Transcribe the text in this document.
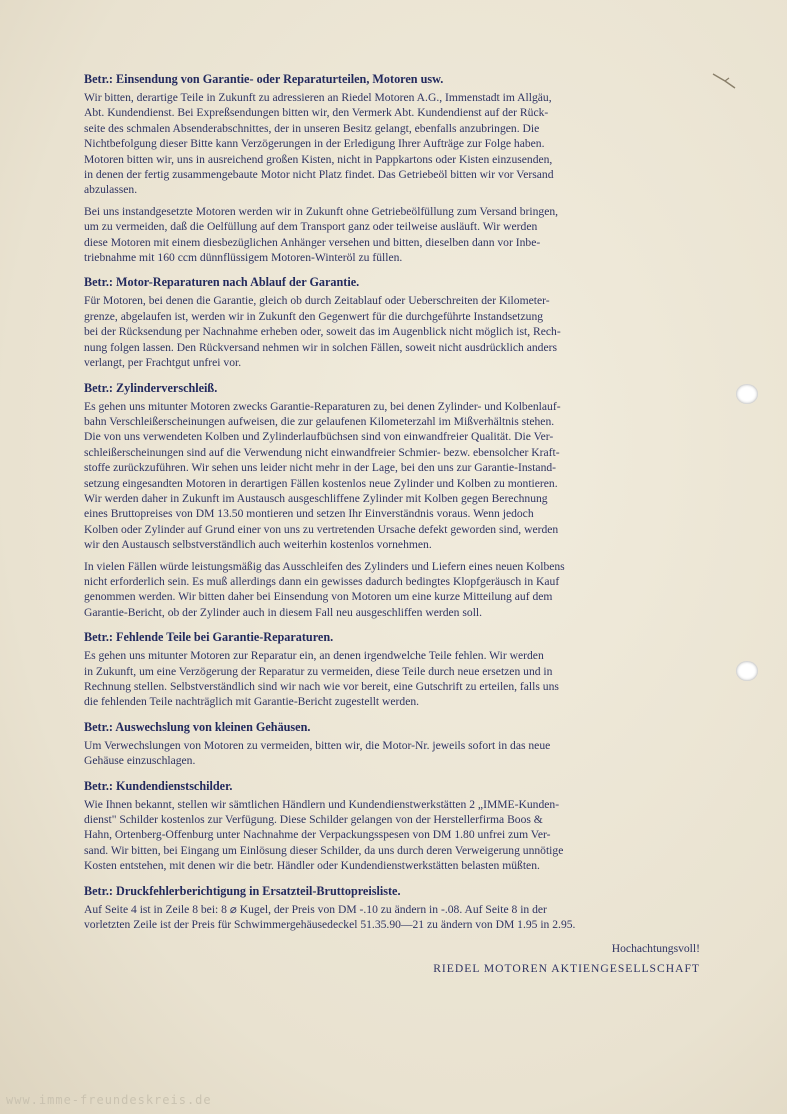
Betr.: Einsendung von Garantie- oder Reparaturteilen, Motoren usw.
Wir bitten, derartige Teile in Zukunft zu adressieren an Riedel Motoren A.G., Immenstadt im Allgäu,
Abt. Kundendienst. Bei Expreßsendungen bitten wir, den Vermerk Abt. Kundendienst auf der Rück-
seite des schmalen Absenderabschnittes, der in unseren Besitz gelangt, ebenfalls anzubringen. Die
Nichtbefolgung dieser Bitte kann Verzögerungen in der Erledigung Ihrer Aufträge zur Folge haben.
Motoren bitten wir, uns in ausreichend großen Kisten, nicht in Pappkartons oder Kisten einzusenden,
in denen der fertig zusammengebaute Motor nicht Platz findet. Das Getriebeöl bitten wir vor Versand
abzulassen.
Bei uns instandgesetzte Motoren werden wir in Zukunft ohne Getriebeölfüllung zum Versand bringen,
um zu vermeiden, daß die Oelfüllung auf dem Transport ganz oder teilweise ausläuft. Wir werden
diese Motoren mit einem diesbezüglichen Anhänger versehen und bitten, dieselben dann vor Inbe-
triebnahme mit 160 ccm dünnflüssigem Motoren-Winteröl zu füllen.
Betr.: Motor-Reparaturen nach Ablauf der Garantie.
Für Motoren, bei denen die Garantie, gleich ob durch Zeitablauf oder Ueberschreiten der Kilometer-
grenze, abgelaufen ist, werden wir in Zukunft den Gegenwert für die durchgeführte Instandsetzung
bei der Rücksendung per Nachnahme erheben oder, soweit das im Augenblick nicht möglich ist, Rech-
nung folgen lassen. Den Rückversand nehmen wir in solchen Fällen, soweit nicht ausdrücklich anders
verlangt, per Frachtgut unfrei vor.
Betr.: Zylinderverschleiß.
Es gehen uns mitunter Motoren zwecks Garantie-Reparaturen zu, bei denen Zylinder- und Kolbenlauf-
bahn Verschleißerscheinungen aufweisen, die zur gelaufenen Kilometerzahl im Mißverhältnis stehen.
Die von uns verwendeten Kolben und Zylinderlaufbüchsen sind von einwandfreier Qualität. Die Ver-
schleißerscheinungen sind auf die Verwendung nicht einwandfreier Schmier- bezw. ebensolcher Kraft-
stoffe zurückzuführen. Wir sehen uns leider nicht mehr in der Lage, bei den uns zur Garantie-Instand-
setzung eingesandten Motoren in derartigen Fällen kostenlos neue Zylinder und Kolben zu montieren.
Wir werden daher in Zukunft im Austausch ausgeschliffene Zylinder mit Kolben gegen Berechnung
eines Bruttopreises von DM 13.50 montieren und setzen Ihr Einverständnis voraus. Wenn jedoch
Kolben oder Zylinder auf Grund einer von uns zu vertretenden Ursache defekt geworden sind, werden
wir den Austausch selbstverständlich auch weiterhin kostenlos vornehmen.
In vielen Fällen würde leistungsmäßig das Ausschleifen des Zylinders und Liefern eines neuen Kolbens
nicht erforderlich sein. Es muß allerdings dann ein gewisses dadurch bedingtes Klopfgeräusch in Kauf
genommen werden. Wir bitten daher bei Einsendung von Motoren um eine kurze Mitteilung auf dem
Garantie-Bericht, ob der Zylinder auch in diesem Fall neu ausgeschliffen werden soll.
Betr.: Fehlende Teile bei Garantie-Reparaturen.
Es gehen uns mitunter Motoren zur Reparatur ein, an denen irgendwelche Teile fehlen. Wir werden
in Zukunft, um eine Verzögerung der Reparatur zu vermeiden, diese Teile durch neue ersetzen und in
Rechnung stellen. Selbstverständlich sind wir nach wie vor bereit, eine Gutschrift zu erteilen, falls uns
die fehlenden Teile nachträglich mit Garantie-Bericht zugestellt werden.
Betr.: Auswechslung von kleinen Gehäusen.
Um Verwechslungen von Motoren zu vermeiden, bitten wir, die Motor-Nr. jeweils sofort in das neue
Gehäuse einzuschlagen.
Betr.: Kundendienstschilder.
Wie Ihnen bekannt, stellen wir sämtlichen Händlern und Kundendienstwerkstätten 2 „IMME-Kunden-
dienst" Schilder kostenlos zur Verfügung. Diese Schilder gelangen von der Herstellerfirma Boos &
Hahn, Ortenberg-Offenburg unter Nachnahme der Verpackungsspesen von DM 1.80 unfrei zum Ver-
sand. Wir bitten, bei Eingang um Einlösung dieser Schilder, da uns durch deren Verweigerung unnötige
Kosten entstehen, mit denen wir die betr. Händler oder Kundendienstwerkstätten belasten müßten.
Betr.: Druckfehlerberichtigung in Ersatzteil-Bruttopreisliste.
Auf Seite 4 ist in Zeile 8 bei: 8 ⌀ Kugel, der Preis von DM -.10 zu ändern in -.08. Auf Seite 8 in der
vorletzten Zeile ist der Preis für Schwimmergehäusedeckel 51.35.90—21 zu ändern von DM 1.95 in 2.95.
Hochachtungsvoll!
RIEDEL MOTOREN AKTIENGESELLSCHAFT
www.imme-freundeskreis.de
